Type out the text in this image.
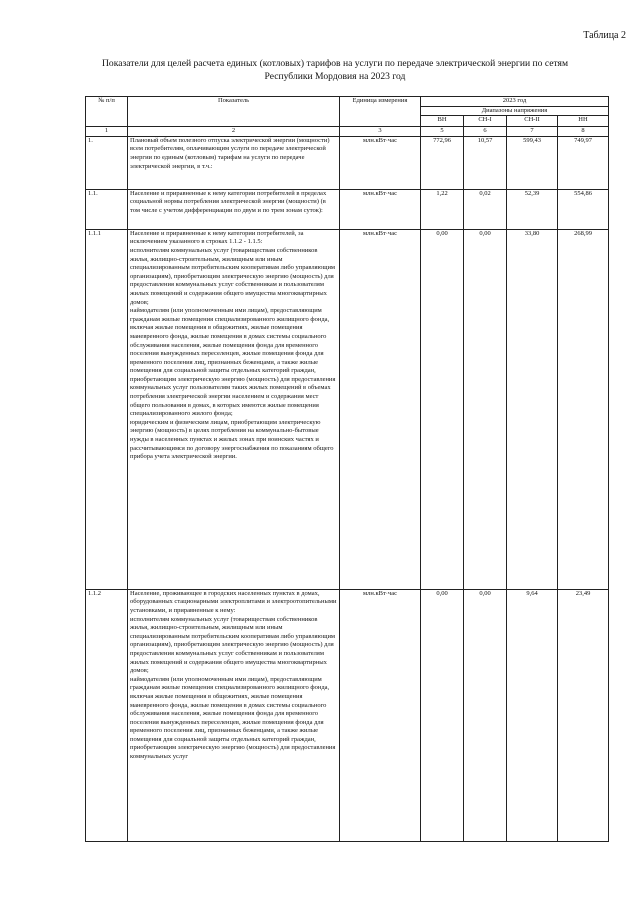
Таблица 2
Показатели для целей расчета единых (котловых) тарифов на услуги по передаче электрической энергии по сетям
Республики Мордовия на 2023 год
№ п/п	Показатель	Единица измерения	2023 год			
			Диапазоны напряжения			
			ВН	СН-I	СН-II	НН
1	2	3	5	6	7	8
1.	Плановый объем полезного отпуска электрической энергии (мощности) всем потребителям, оплачивающим услуги по передаче электрической энергии по единым (котловым) тарифам на услуги по передаче электрической энергии, в т.ч.:	млн.кВт·час	772,96	10,57	599,43	749,97
1.1.	Население и приравненные к нему категории потребителей в пределах социальной нормы потребления электрической энергии (мощности) (в том числе с учетом дифференциации по двум и по трем зонам суток):	млн.кВт·час	1,22	0,02	52,39	554,86
1.1.1	Население и приравненные к нему категории потребителей, за исключением указанного в строках 1.1.2 - 1.1.5:
исполнителям коммунальных услуг (товариществам собственников жилья, жилищно-строительным, жилищным или иным специализированным потребительским кооперативам либо управляющим организациям), приобретающим электрическую энергию (мощность) для предоставления коммунальных услуг собственникам и пользователям жилых помещений и содержания общего имущества многоквартирных домов;
наймодателям (или уполномоченным ими лицам), предоставляющим гражданам жилые помещения специализированного жилищного фонда, включая жилые помещения в общежитиях, жилые помещения маневренного фонда, жилые помещения в домах системы социального обслуживания населения, жилые помещения фонда для временного поселения вынужденных переселенцев, жилые помещения фонда для временного поселения лиц, признанных беженцами, а также жилые помещения для социальной защиты отдельных категорий граждан, приобретающим электрическую энергию (мощность) для предоставления коммунальных услуг пользователям таких жилых помещений в объемах потребления электрической энергии населением и содержания мест общего пользования в домах, в которых имеются жилые помещения специализированного жилого фонда;
юридическим и физическим лицам, приобретающим электрическую энергию (мощность) в целях потребления на коммунально-бытовые нужды в населенных пунктах и жилых зонах при воинских частях и рассчитывающимся по договору энергоснабжения по показаниям общего прибора учета электрической энергии.	млн.кВт·час	0,00	0,00	33,80	268,99
1.1.2	Население, проживающее в городских населенных пунктах в домах, оборудованных стационарными электроплитами и электроотопительными установками, и приравненные к нему:
исполнителям коммунальных услуг (товариществам собственников жилья, жилищно-строительным, жилищным или иным специализированным потребительским кооперативам либо управляющим организациям), приобретающим электрическую энергию (мощность) для предоставления коммунальных услуг собственникам и пользователям жилых помещений и содержания общего имущества многоквартирных домов;
наймодателям (или уполномоченным ими лицам), предоставляющим гражданам жилые помещения специализированного жилищного фонда, включая жилые помещения в общежитиях, жилые помещения маневренного фонда, жилые помещения в домах системы социального обслуживания населения, жилые помещения фонда для временного поселения вынужденных переселенцев, жилые помещения фонда для временного поселения лиц, признанных беженцами, а также жилые помещения для социальной защиты отдельных категорий граждан, приобретающим электрическую энергию (мощность) для предоставления коммунальных услуг	млн.кВт·час	0,00	0,00	9,64	23,49
